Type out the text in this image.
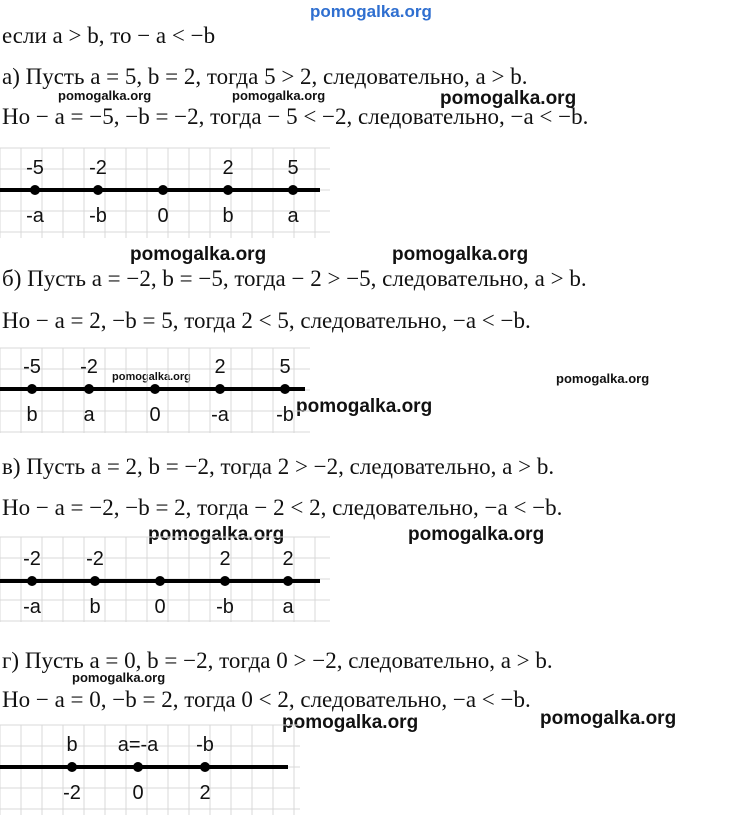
pomogalka.org
pomogalka.org	pomogalka.org	pomogalka.org
pomogalka.org	pomogalka.org
pomogalka.org	pomogalka.org
pomogalka.org
pomogalka.org	pomogalka.org
pomogalka.org
pomogalka.org	pomogalka.org
если a > b, то − a < −b
а) Пусть a = 5, b = 2, тогда 5 > 2, следовательно, a > b.
Но − a = −5, −b = −2, тогда − 5 < −2, следовательно, −a < −b.
б) Пусть a = −2, b = −5, тогда − 2 > −5, следовательно, a > b.
Но − a = 2, −b = 5, тогда 2 < 5, следовательно, −a < −b.
в) Пусть a = 2, b = −2, тогда 2 > −2, следовательно, a > b.
Но − a = −2, −b = 2, тогда − 2 < 2, следовательно, −a < −b.
г) Пусть a = 0, b = −2, тогда 0 > −2, следовательно, a > b.
Но − a = 0, −b = 2, тогда 0 < 2, следовательно, −a < −b.
-5
-a
-2
-b	0
2
b
5
a
-5
b
-2
a	0
2
-a
5
-b
-2
-a
-2
b	0
2
-b
2
a
b
-2
a=-a
0
-b
2
